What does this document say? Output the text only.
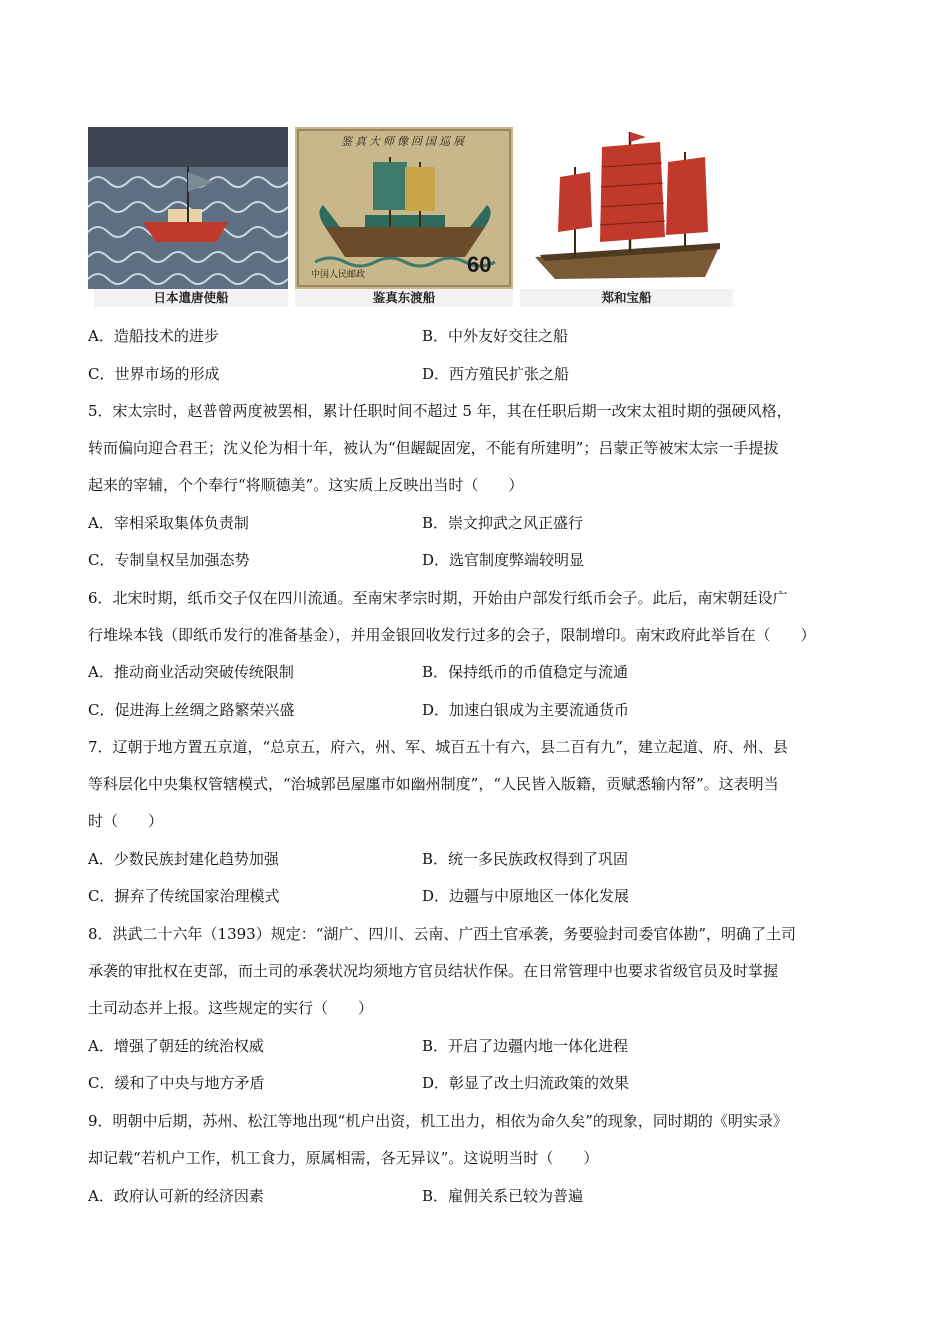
日本遣唐使船
鉴真大师像回国巡展
中国人民邮政	60
鉴真东渡船	郑和宝船
A．造船技术的进步	B．中外友好交往之船
C．世界市场的形成	D．西方殖民扩张之船
5．宋太宗时，赵普曾两度被罢相，累计任职时间不超过 5 年，其在任职后期一改宋太祖时期的强硬风格，
转而偏向迎合君王；沈义伦为相十年，被认为“但龌龊固宠，不能有所建明”；吕蒙正等被宋太宗一手提拔
起来的宰辅，个个奉行“将顺德美”。这实质上反映出当时（　　）
A．宰相采取集体负责制	B．崇文抑武之风正盛行
C．专制皇权呈加强态势	D．选官制度弊端较明显
6．北宋时期，纸币交子仅在四川流通。至南宋孝宗时期，开始由户部发行纸币会子。此后，南宋朝廷设广
行堆垛本钱（即纸币发行的准备基金），并用金银回收发行过多的会子，限制增印。南宋政府此举旨在（　　）
A．推动商业活动突破传统限制	B．保持纸币的币值稳定与流通
C．促进海上丝绸之路繁荣兴盛	D．加速白银成为主要流通货币
7．辽朝于地方置五京道，“总京五，府六，州、军、城百五十有六，县二百有九”，建立起道、府、州、县
等科层化中央集权管辖模式，“治城郭邑屋廛市如幽州制度”，“人民皆入版籍，贡赋悉输内帑”。这表明当
时（　　）
A．少数民族封建化趋势加强	B．统一多民族政权得到了巩固
C．摒弃了传统国家治理模式	D．边疆与中原地区一体化发展
8．洪武二十六年（1393）规定：“湖广、四川、云南、广西土官承袭，务要验封司委官体勘”，明确了土司
承袭的审批权在吏部，而土司的承袭状况均须地方官员结状作保。在日常管理中也要求省级官员及时掌握
土司动态并上报。这些规定的实行（　　）
A．增强了朝廷的统治权威	B．开启了边疆内地一体化进程
C．缓和了中央与地方矛盾	D．彰显了改土归流政策的效果
9．明朝中后期，苏州、松江等地出现“机户出资，机工出力，相依为命久矣”的现象，同时期的《明实录》
却记载“若机户工作，机工食力，原属相需，各无异议”。这说明当时（　　）
A．政府认可新的经济因素	B．雇佣关系已较为普遍
